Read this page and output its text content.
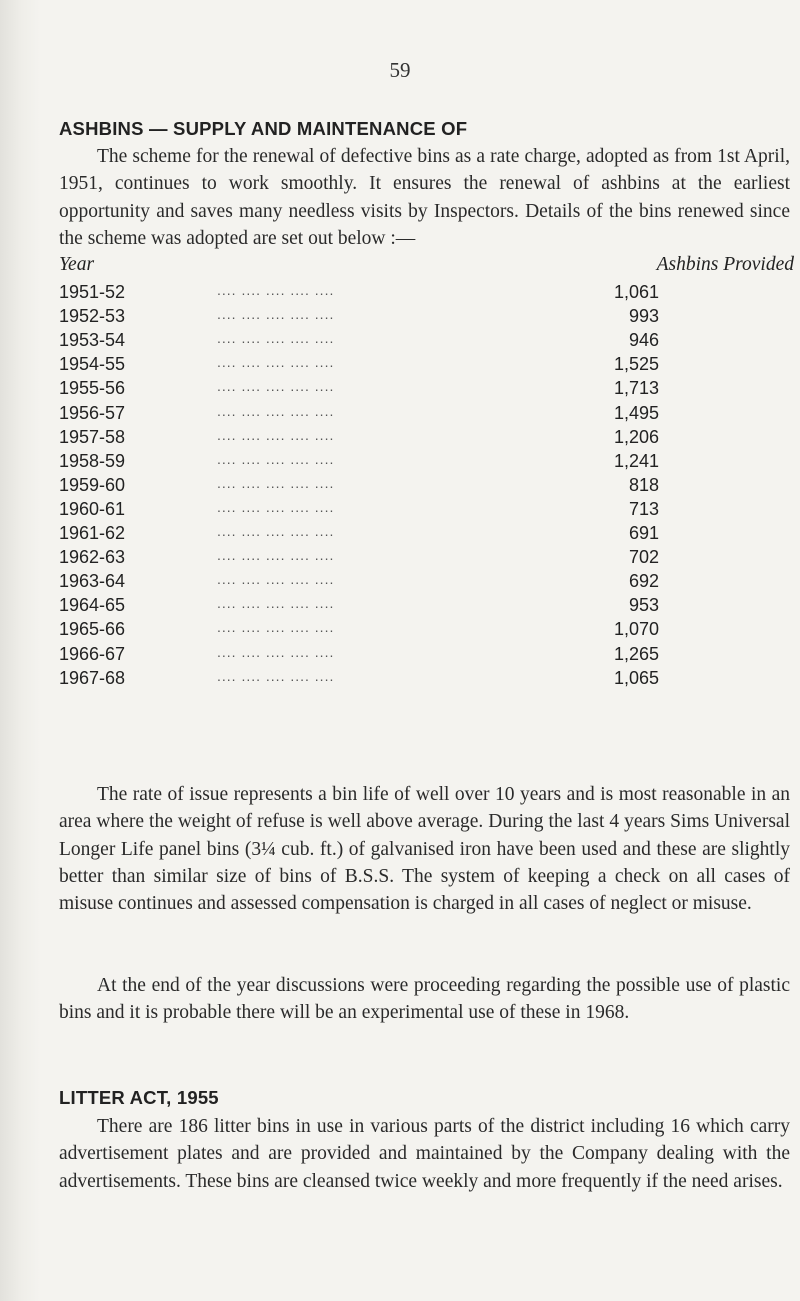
59
ASHBINS — SUPPLY AND MAINTENANCE OF
The scheme for the renewal of defective bins as a rate charge, adopted as from 1st April, 1951, continues to work smoothly. It ensures the renewal of ashbins at the earliest opportunity and saves many needless visits by Inspectors. Details of the bins renewed since the scheme was adopted are set out below :—
Year	Ashbins Provided
1951-52	.... .... .... .... ....	1,061
1952-53	.... .... .... .... ....	993
1953-54	.... .... .... .... ....	946
1954-55	.... .... .... .... ....	1,525
1955-56	.... .... .... .... ....	1,713
1956-57	.... .... .... .... ....	1,495
1957-58	.... .... .... .... ....	1,206
1958-59	.... .... .... .... ....	1,241
1959-60	.... .... .... .... ....	818
1960-61	.... .... .... .... ....	713
1961-62	.... .... .... .... ....	691
1962-63	.... .... .... .... ....	702
1963-64	.... .... .... .... ....	692
1964-65	.... .... .... .... ....	953
1965-66	.... .... .... .... ....	1,070
1966-67	.... .... .... .... ....	1,265
1967-68	.... .... .... .... ....	1,065
The rate of issue represents a bin life of well over 10 years and is most reasonable in an area where the weight of refuse is well above average. During the last 4 years Sims Universal Longer Life panel bins (3¼ cub. ft.) of galvanised iron have been used and these are slightly better than similar size of bins of B.S.S. The system of keeping a check on all cases of misuse continues and assessed compensation is charged in all cases of neglect or misuse.
At the end of the year discussions were proceeding regarding the possible use of plastic bins and it is probable there will be an experimental use of these in 1968.
LITTER ACT, 1955
There are 186 litter bins in use in various parts of the district including 16 which carry advertisement plates and are provided and maintained by the Company dealing with the advertisements. These bins are cleansed twice weekly and more frequently if the need arises.
